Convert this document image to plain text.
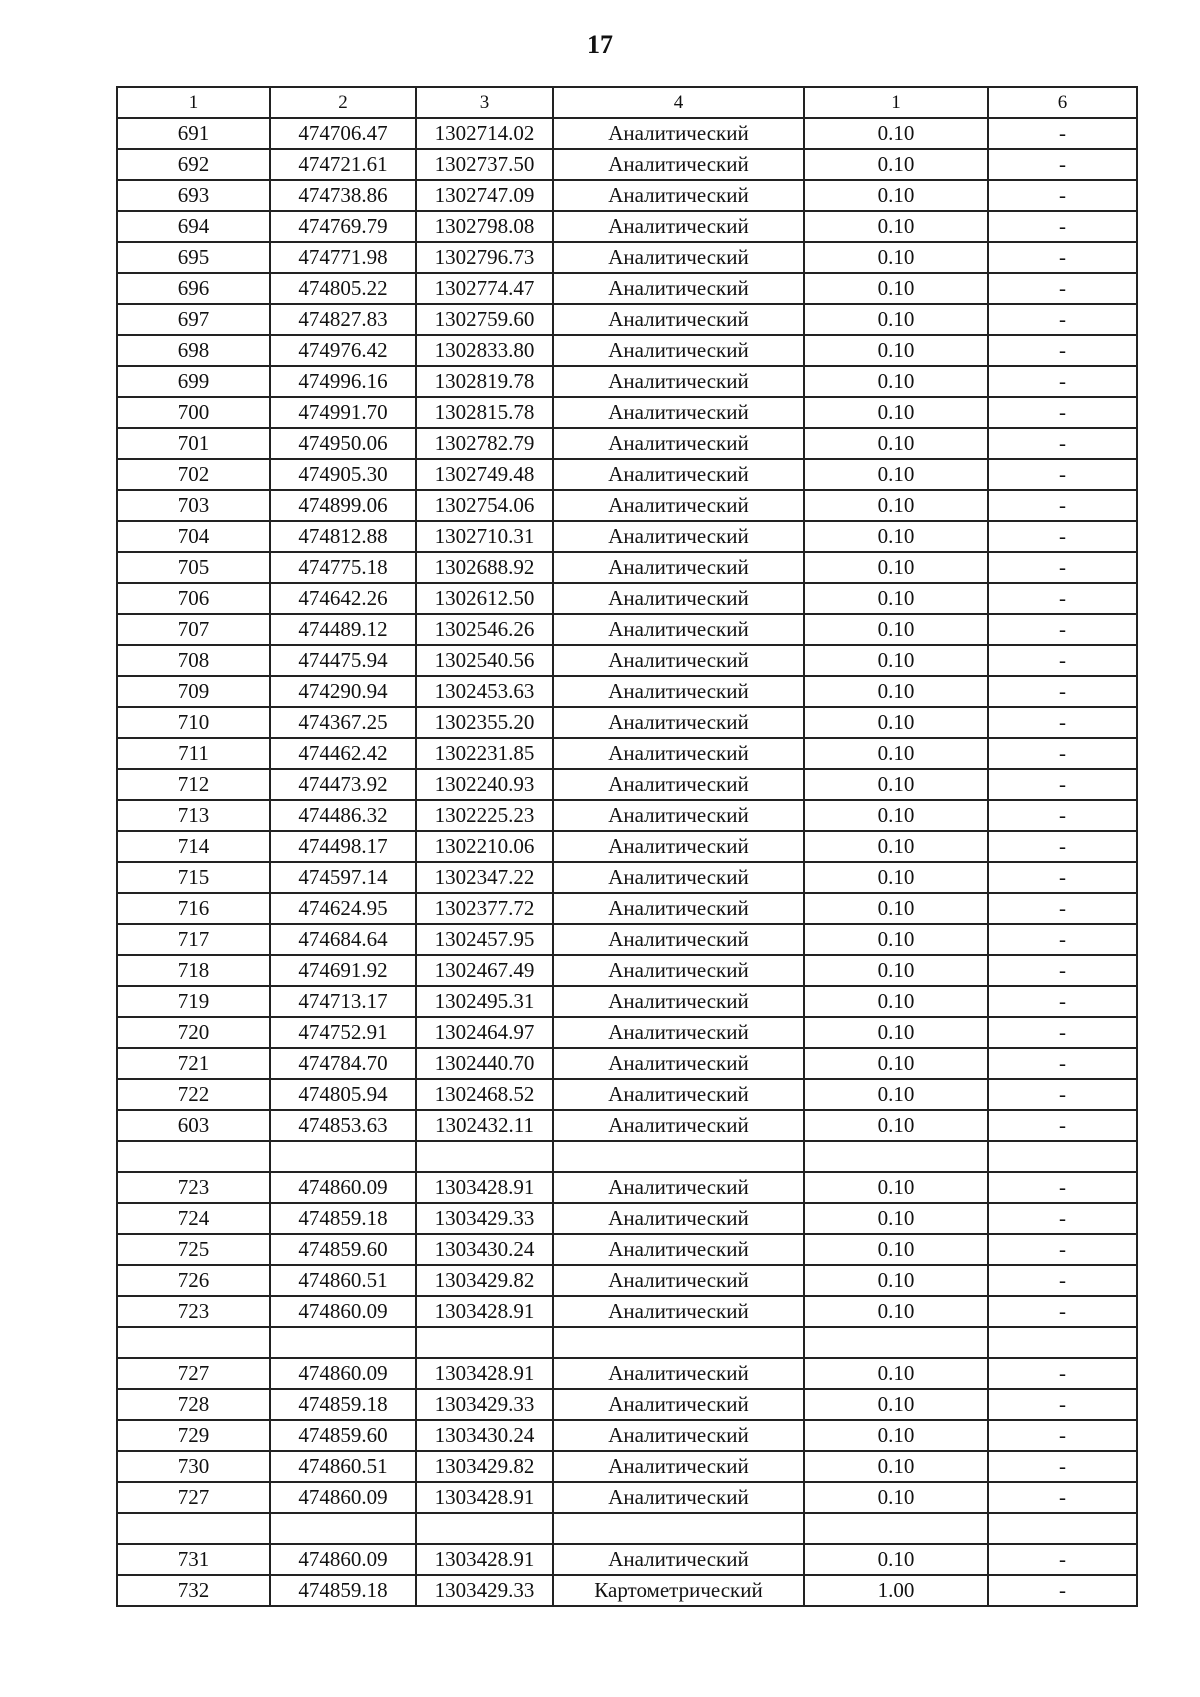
17
1	2	3	4	1	6
691	474706.47	1302714.02	Аналитический	0.10	-
692	474721.61	1302737.50	Аналитический	0.10	-
693	474738.86	1302747.09	Аналитический	0.10	-
694	474769.79	1302798.08	Аналитический	0.10	-
695	474771.98	1302796.73	Аналитический	0.10	-
696	474805.22	1302774.47	Аналитический	0.10	-
697	474827.83	1302759.60	Аналитический	0.10	-
698	474976.42	1302833.80	Аналитический	0.10	-
699	474996.16	1302819.78	Аналитический	0.10	-
700	474991.70	1302815.78	Аналитический	0.10	-
701	474950.06	1302782.79	Аналитический	0.10	-
702	474905.30	1302749.48	Аналитический	0.10	-
703	474899.06	1302754.06	Аналитический	0.10	-
704	474812.88	1302710.31	Аналитический	0.10	-
705	474775.18	1302688.92	Аналитический	0.10	-
706	474642.26	1302612.50	Аналитический	0.10	-
707	474489.12	1302546.26	Аналитический	0.10	-
708	474475.94	1302540.56	Аналитический	0.10	-
709	474290.94	1302453.63	Аналитический	0.10	-
710	474367.25	1302355.20	Аналитический	0.10	-
711	474462.42	1302231.85	Аналитический	0.10	-
712	474473.92	1302240.93	Аналитический	0.10	-
713	474486.32	1302225.23	Аналитический	0.10	-
714	474498.17	1302210.06	Аналитический	0.10	-
715	474597.14	1302347.22	Аналитический	0.10	-
716	474624.95	1302377.72	Аналитический	0.10	-
717	474684.64	1302457.95	Аналитический	0.10	-
718	474691.92	1302467.49	Аналитический	0.10	-
719	474713.17	1302495.31	Аналитический	0.10	-
720	474752.91	1302464.97	Аналитический	0.10	-
721	474784.70	1302440.70	Аналитический	0.10	-
722	474805.94	1302468.52	Аналитический	0.10	-
603	474853.63	1302432.11	Аналитический	0.10	-

723	474860.09	1303428.91	Аналитический	0.10	-
724	474859.18	1303429.33	Аналитический	0.10	-
725	474859.60	1303430.24	Аналитический	0.10	-
726	474860.51	1303429.82	Аналитический	0.10	-
723	474860.09	1303428.91	Аналитический	0.10	-

727	474860.09	1303428.91	Аналитический	0.10	-
728	474859.18	1303429.33	Аналитический	0.10	-
729	474859.60	1303430.24	Аналитический	0.10	-
730	474860.51	1303429.82	Аналитический	0.10	-
727	474860.09	1303428.91	Аналитический	0.10	-

731	474860.09	1303428.91	Аналитический	0.10	-
732	474859.18	1303429.33	Картометрический	1.00	-
